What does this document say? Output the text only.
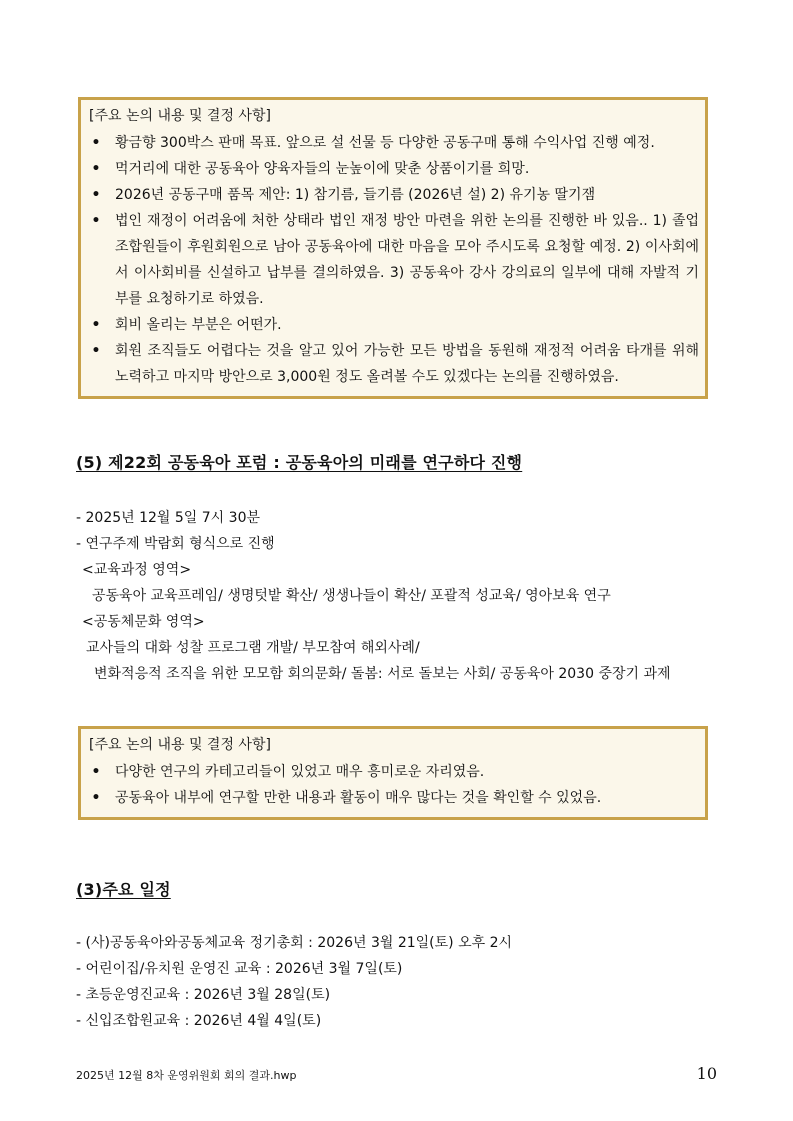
[주요 논의 내용 및 결정 사항]
• 황금향 300박스 판매 목표. 앞으로 설 선물 등 다양한 공동구매 통해 수익사업 진행 예정.
• 먹거리에 대한 공동육아 양육자들의 눈높이에 맞춘 상품이기를 희망.
• 2026년 공동구매 품목 제안: 1) 참기름, 들기름 (2026년 설) 2) 유기농 딸기잼
• 법인 재정이 어려움에 처한 상태라 법인 재정 방안 마련을 위한 논의를 진행한 바 있음.. 1) 졸업 조합원들이 후원회원으로 남아 공동육아에 대한 마음을 모아 주시도록 요청할 예정. 2) 이사회에서 이사회비를 신설하고 납부를 결의하였음. 3) 공동육아 강사 강의료의 일부에 대해 자발적 기부를 요청하기로 하였음.
• 회비 올리는 부분은 어떤가.
• 회원 조직들도 어렵다는 것을 알고 있어 가능한 모든 방법을 동원해 재정적 어려움 타개를 위해 노력하고 마지막 방안으로 3,000원 정도 올려볼 수도 있겠다는 논의를 진행하였음.
(5) 제22회 공동육아 포럼 : 공동육아의 미래를 연구하다 진행
- 2025년 12월 5일 7시 30분
- 연구주제 박람회 형식으로 진행
<교육과정 영역>
공동육아 교육프레임/ 생명텃밭 확산/ 생생나들이 확산/ 포괄적 성교육/ 영아보육 연구
<공동체문화 영역>
교사들의 대화 성찰 프로그램 개발/ 부모참여 해외사례/
변화적응적 조직을 위한 모모함 회의문화/ 돌봄: 서로 돌보는 사회/ 공동육아 2030 중장기 과제
[주요 논의 내용 및 결정 사항]
• 다양한 연구의 카테고리들이 있었고 매우 흥미로운 자리였음.
• 공동육아 내부에 연구할 만한 내용과 활동이 매우 많다는 것을 확인할 수 있었음.
(3)주요 일정
- (사)공동육아와공동체교육 정기총회 : 2026년 3월 21일(토) 오후 2시
- 어린이집/유치원 운영진 교육 : 2026년 3월 7일(토)
- 초등운영진교육 : 2026년 3월 28일(토)
- 신입조합원교육 : 2026년 4월 4일(토)
2025년 12월 8차 운영위원회 회의 결과.hwp	10
